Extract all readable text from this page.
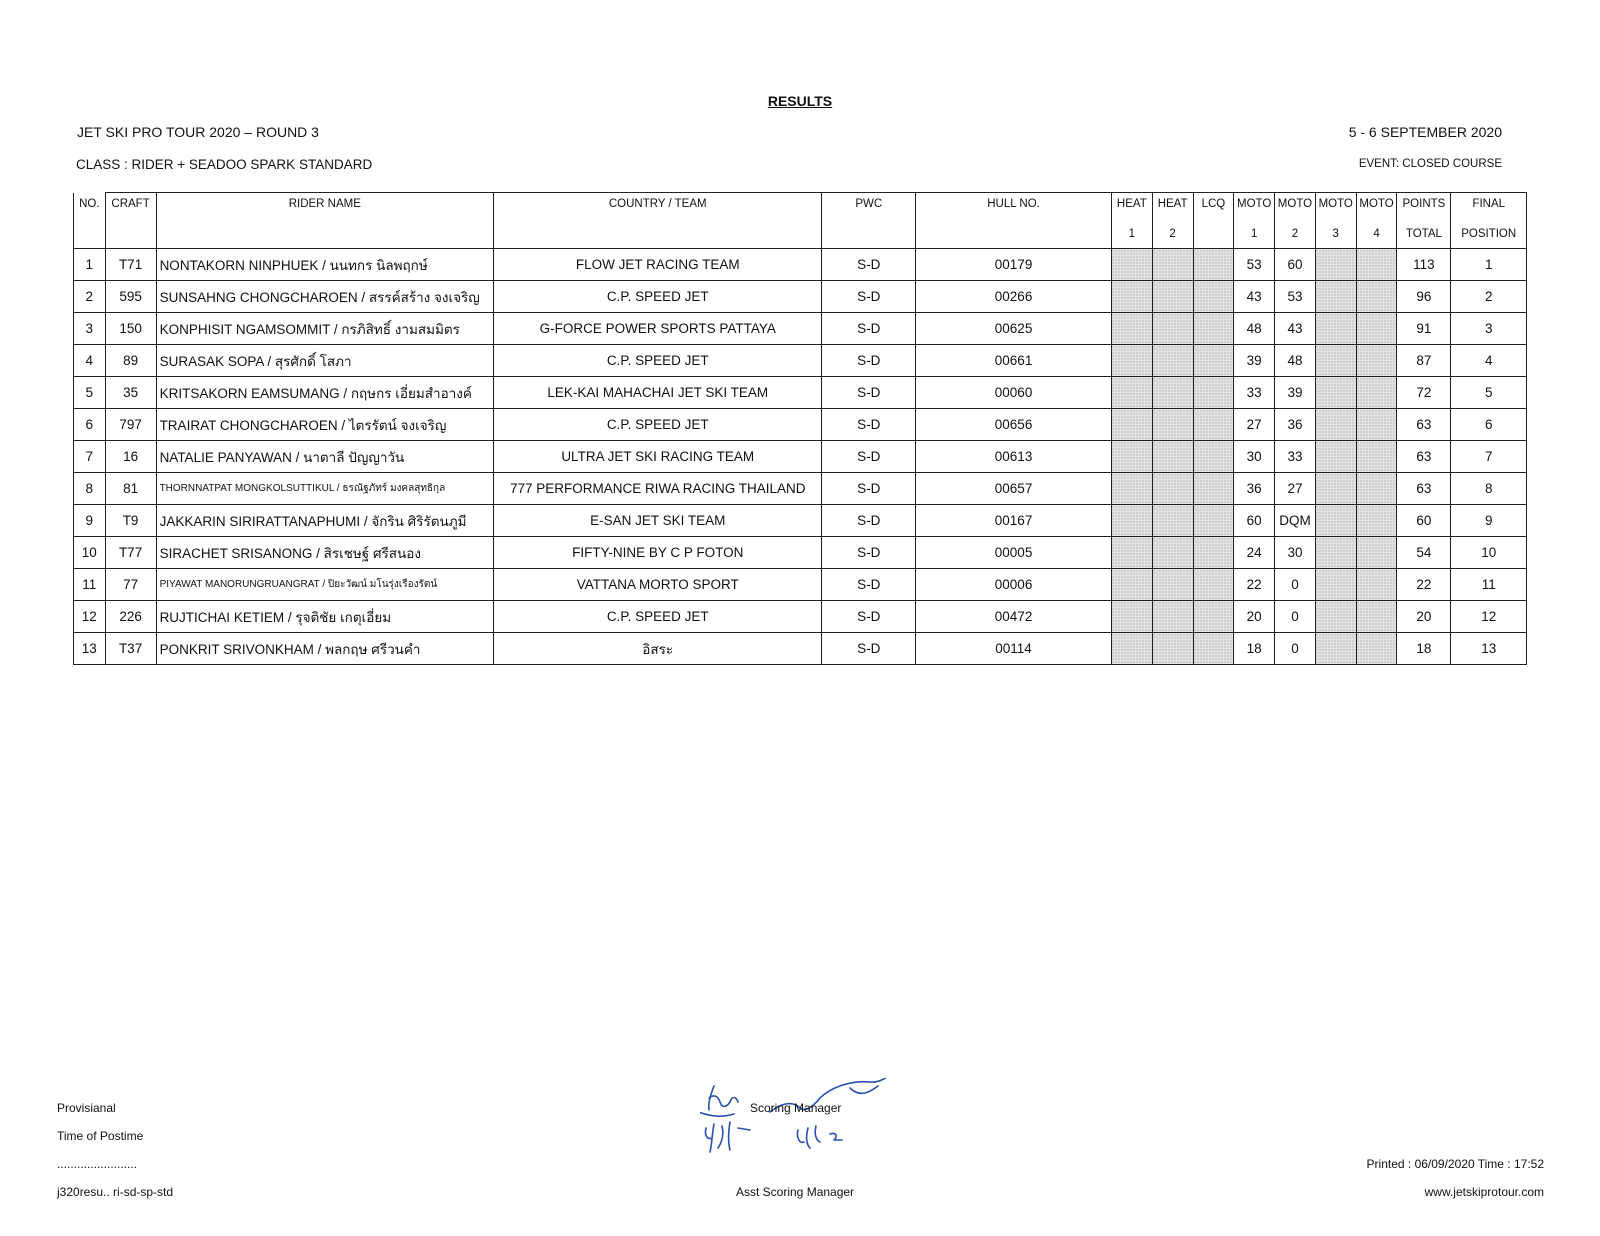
RESULTS
JET SKI PRO TOUR 2020 – ROUND 3	5 - 6 SEPTEMBER 2020
CLASS : RIDER + SEADOO SPARK STANDARD	EVENT: CLOSED COURSE
NO.	CRAFT	RIDER NAME	COUNTRY / TEAM	PWC	HULL NO.	HEAT	HEAT	LCQ	MOTO	MOTO	MOTO	MOTO	POINTS	FINAL
						1	2		1	2	3	4	TOTAL	POSITION
1	T71	NONTAKORN NINPHUEK / นนทกร นิลพฤกษ์	FLOW JET RACING TEAM	S-D	00179				53	60			113	1
2	595	SUNSAHNG CHONGCHAROEN / สรรค์สร้าง จงเจริญ	C.P. SPEED JET	S-D	00266				43	53			96	2
3	150	KONPHISIT NGAMSOMMIT / กรภิสิทธิ์ งามสมมิตร	G-FORCE POWER SPORTS PATTAYA	S-D	00625				48	43			91	3
4	89	SURASAK SOPA / สุรศักดิ์ โสภา	C.P. SPEED JET	S-D	00661				39	48			87	4
5	35	KRITSAKORN EAMSUMANG / กฤษกร เอี่ยมสำอางค์	LEK-KAI MAHACHAI JET SKI TEAM	S-D	00060				33	39			72	5
6	797	TRAIRAT CHONGCHAROEN / ไตรรัตน์ จงเจริญ	C.P. SPEED JET	S-D	00656				27	36			63	6
7	16	NATALIE PANYAWAN / นาตาลี ปัญญาวัน	ULTRA JET SKI RACING TEAM	S-D	00613				30	33			63	7
8	81	THORNNATPAT MONGKOLSUTTIKUL / ธรณัฐภัทร์ มงคลสุทธิกุล	777 PERFORMANCE RIWA RACING THAILAND	S-D	00657				36	27			63	8
9	T9	JAKKARIN SIRIRATTANAPHUMI / จักริน ศิริรัตนภูมี	E-SAN JET SKI TEAM	S-D	00167				60	DQM			60	9
10	T77	SIRACHET SRISANONG / สิรเชษฐ์ ศรีสนอง	FIFTY-NINE BY C P FOTON	S-D	00005				24	30			54	10
11	77	PIYAWAT MANORUNGRUANGRAT / ปิยะวัฒน์ มโนรุ่งเรืองรัตน์	VATTANA MORTO SPORT	S-D	00006				22	0			22	11
12	226	RUJTICHAI KETIEM / รุจติชัย เกตุเอี่ยม	C.P. SPEED JET	S-D	00472				20	0			20	12
13	T37	PONKRIT SRIVONKHAM / พลกฤษ ศรีวนคำ	อิสระ	S-D	00114				18	0			18	13
Provisianal
Time of Postime
........................
j320resu.. ri-sd-sp-std
Scoring Manager
Asst Scoring Manager
Printed : 06/09/2020 Time : 17:52
www.jetskiprotour.com
